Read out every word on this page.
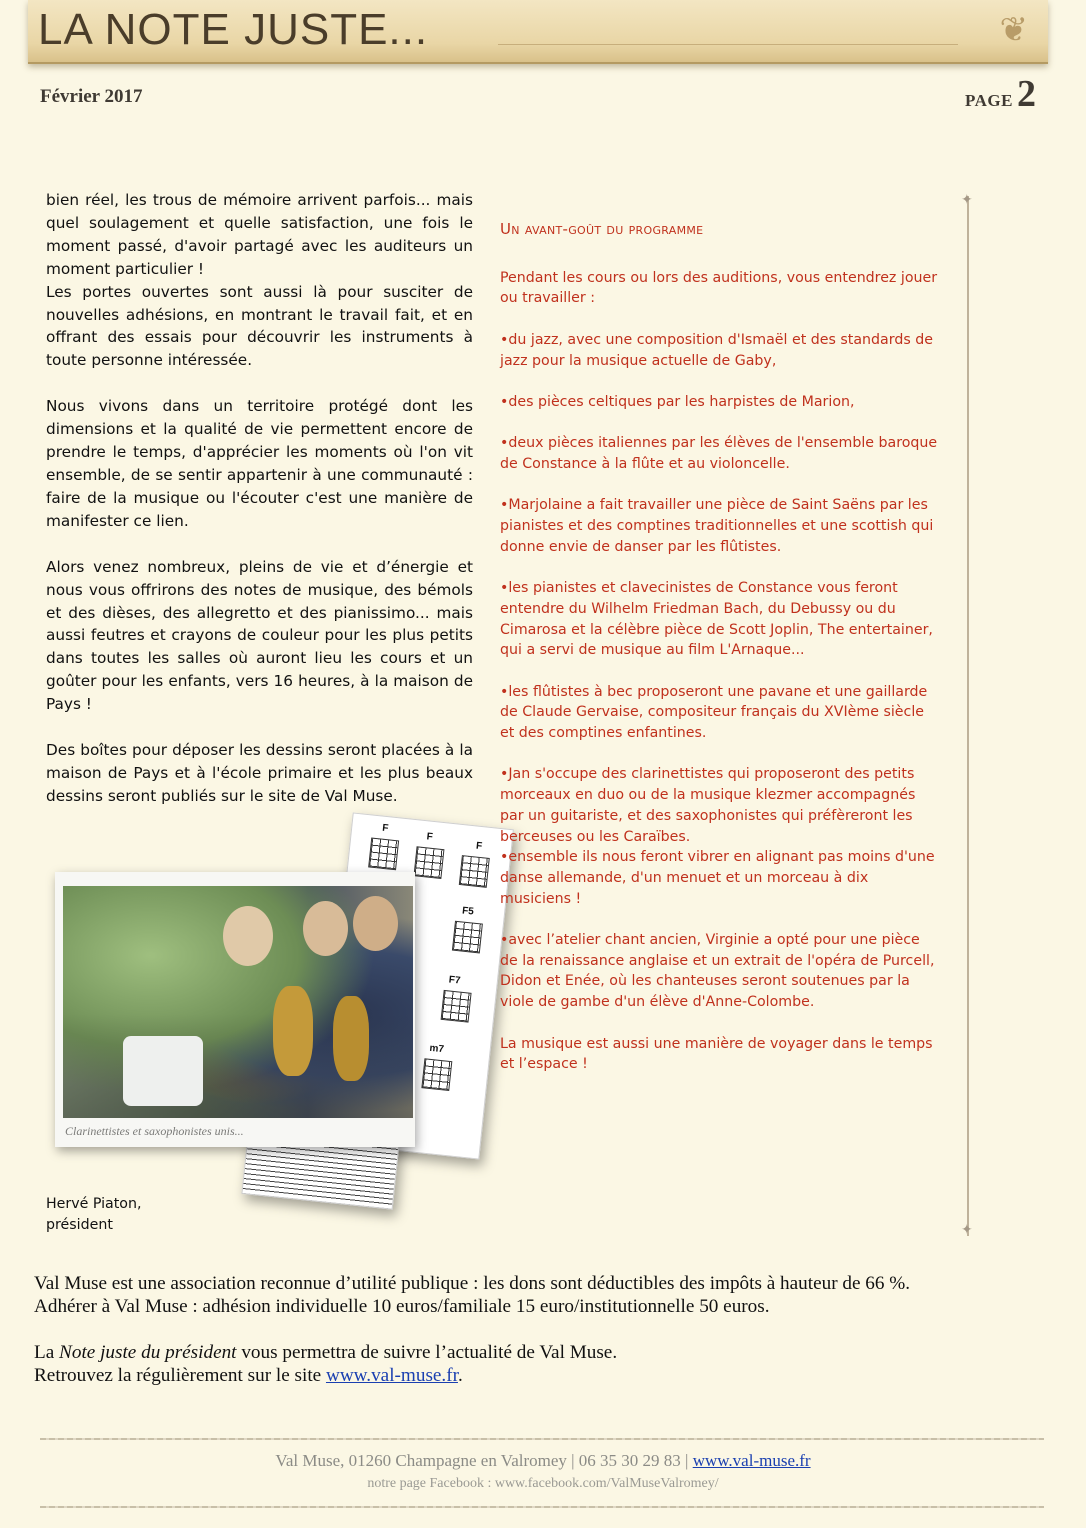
LA NOTE JUSTE...	❦
Février 2017	PAGE 2

bien réel, les trous de mémoire arrivent parfois... mais quel soulagement et quelle satisfaction, une fois le moment passé, d'avoir partagé avec les auditeurs un moment particulier !

Les portes ouvertes sont aussi là pour susciter de nouvelles adhésions, en montrant le travail fait, et en offrant des essais pour découvrir les instruments à toute personne intéressée.

Nous vivons dans un territoire protégé dont les dimensions et la qualité de vie permettent encore de prendre le temps, d'apprécier les moments où l'on vit ensemble, de se sentir appartenir à une communauté : faire de la musique ou l'écouter c'est une manière de manifester ce lien.

Alors venez nombreux, pleins de vie et d’énergie et nous vous offrirons des notes de musique, des bémols et des dièses, des allegretto et des pianissimo... mais aussi feutres et crayons de couleur pour les plus petits dans toutes les salles où auront lieu les cours et un goûter pour les enfants, vers 16 heures, à la maison de Pays !

Des boîtes pour déposer les dessins seront placées à la maison de Pays et à l'école primaire et les plus beaux dessins seront publiés sur le site de Val Muse.

F
F
F
F5
F7
m7
Clarinettistes et saxophonistes unis...
Hervé Piaton,
président
Un avant-goût du programme

Pendant les cours ou lors des auditions, vous entendrez jouer ou travailler :

•du jazz, avec une composition d'Ismaël et des standards de jazz pour la musique actuelle de Gaby,

•des pièces celtiques par les harpistes de Marion,

•deux pièces italiennes par les élèves de l'ensemble baroque de Constance à la flûte et au violoncelle.

•Marjolaine a fait travailler une pièce de Saint Saëns par les pianistes et des comptines traditionnelles et une scottish qui donne envie de danser par les flûtistes.

•les pianistes et clavecinistes de Constance vous feront entendre du Wilhelm Friedman Bach, du Debussy ou du Cimarosa et la célèbre pièce de Scott Joplin, The entertainer, qui a servi de musique au film L'Arnaque...

•les flûtistes à bec proposeront une pavane et une gaillarde de Claude Gervaise, compositeur français du XVIème siècle et des comptines enfantines.

•Jan s'occupe des clarinettistes qui proposeront des petits morceaux en duo ou de la musique klezmer accompagnés par un guitariste, et des saxophonistes qui préfèreront les berceuses ou les Caraïbes.

•ensemble ils nous feront vibrer en alignant pas moins d'une danse allemande, d'un menuet et un morceau à dix musiciens !

•avec l’atelier chant ancien, Virginie a opté pour une pièce de la renaissance anglaise et un extrait de l'opéra de Purcell, Didon et Enée, où les chanteuses seront soutenues par la viole de gambe d'un élève d'Anne-Colombe.

La musique est aussi une manière de voyager dans le temps et l’espace !

✦
✦

Val Muse est une association reconnue d’utilité publique : les dons sont déductibles des impôts à hauteur de 66 %.

Adhérer à Val Muse : adhésion individuelle 10 euros/familiale 15 euro/institutionnelle 50 euros.

La Note juste du président vous permettra de suivre l’actualité de Val Muse.

Retrouvez la régulièrement sur le site www.val-muse.fr.

Val Muse, 01260 Champagne en Valromey | 06 35 30 29 83 | www.val-muse.fr
notre page Facebook : www.facebook.com/ValMuseValromey/
